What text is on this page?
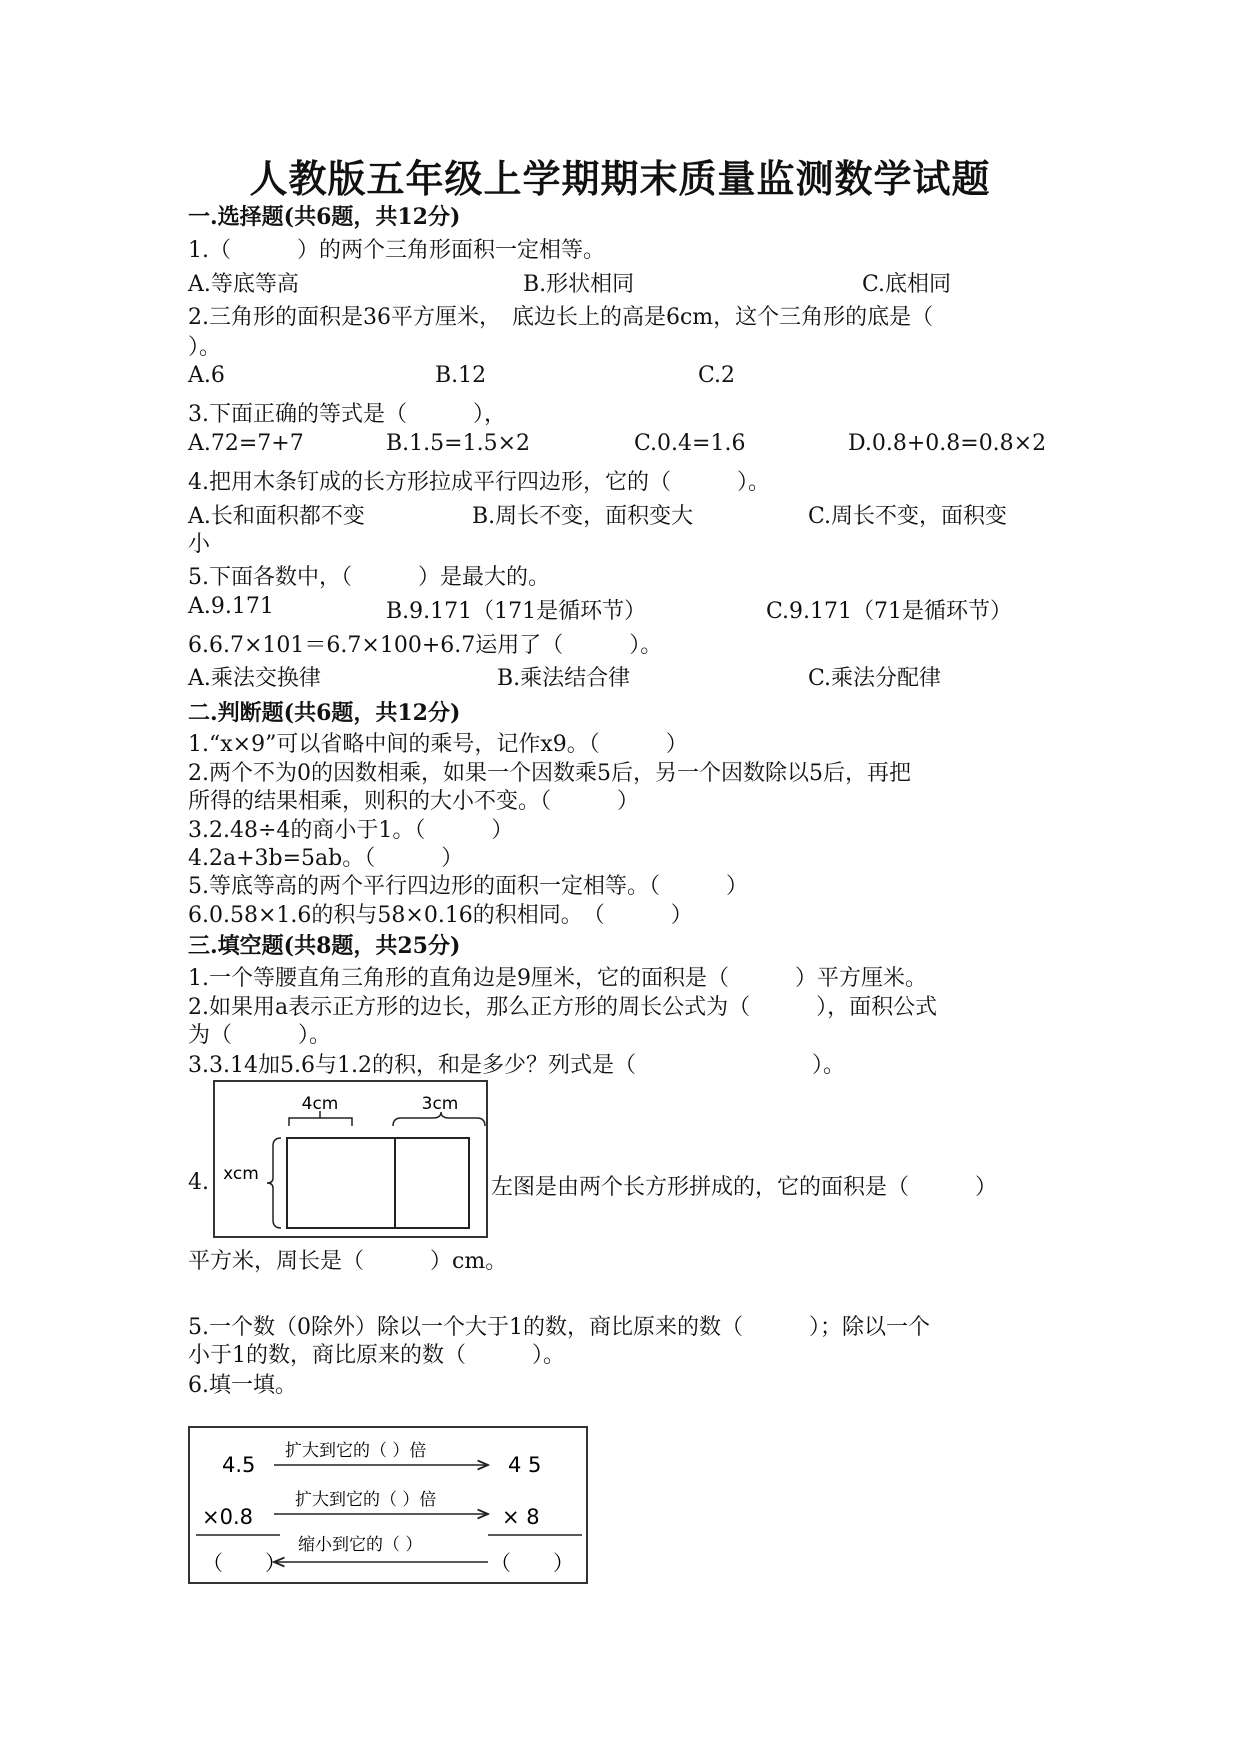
人教版五年级上学期期末质量监测数学试题
一.选择题(共6题，共12分)
1.（　　　）的两个三角形面积一定相等。
A.等底等高	B.形状相同	C.底相同
2.三角形的面积是36平方厘米，　底边长上的高是6cm，这个三角形的底是（
）。
A.6	B.12	C.2
3.下面正确的等式是（　　　），
A.72=7+7	B.1.5=1.5×2	C.0.4=1.6	D.0.8+0.8=0.8×2
4.把用木条钉成的长方形拉成平行四边形，它的（　　　）。
A.长和面积都不变	B.周长不变，面积变大	C.周长不变，面积变
小
5.下面各数中，（　　　）是最大的。
A.9.171	B.9.171（171是循环节）	C.9.171（71是循环节）
6.6.7×101＝6.7×100+6.7运用了（　　　）。
A.乘法交换律	B.乘法结合律	C.乘法分配律
二.判断题(共6题，共12分)
1.“x×9”可以省略中间的乘号，记作x9。（　　　）
2.两个不为0的因数相乘，如果一个因数乘5后，另一个因数除以5后，再把
所得的结果相乘，则积的大小不变。（　　　）
3.2.48÷4的商小于1。（　　　）
4.2a+3b=5ab。（　　　）
5.等底等高的两个平行四边形的面积一定相等。（　　　）
6.0.58×1.6的积与58×0.16的积相同。　（　　　）
三.填空题(共8题，共25分)
1.一个等腰直角三角形的直角边是9厘米，它的面积是（　　　）平方厘米。
2.如果用a表示正方形的边长，那么正方形的周长公式为（　　　），面积公式
为（　　　）。
3.3.14加5.6与1.2的积，和是多少？列式是（　　　　　　　　）。
4.
4cm	3cm
xcm
左图是由两个长方形拼成的，它的面积是（　　　）
平方米，周长是（　　　）cm。
5.一个数（0除外）除以一个大于1的数，商比原来的数（　　　）；除以一个
小于1的数，商比原来的数（　　　）。
6.填一填。
4.5
扩大到它的（ ）倍
4 5
×0.8
扩大到它的（ ）倍
× 8
（　　）
缩小到它的（ ）
（　　）
